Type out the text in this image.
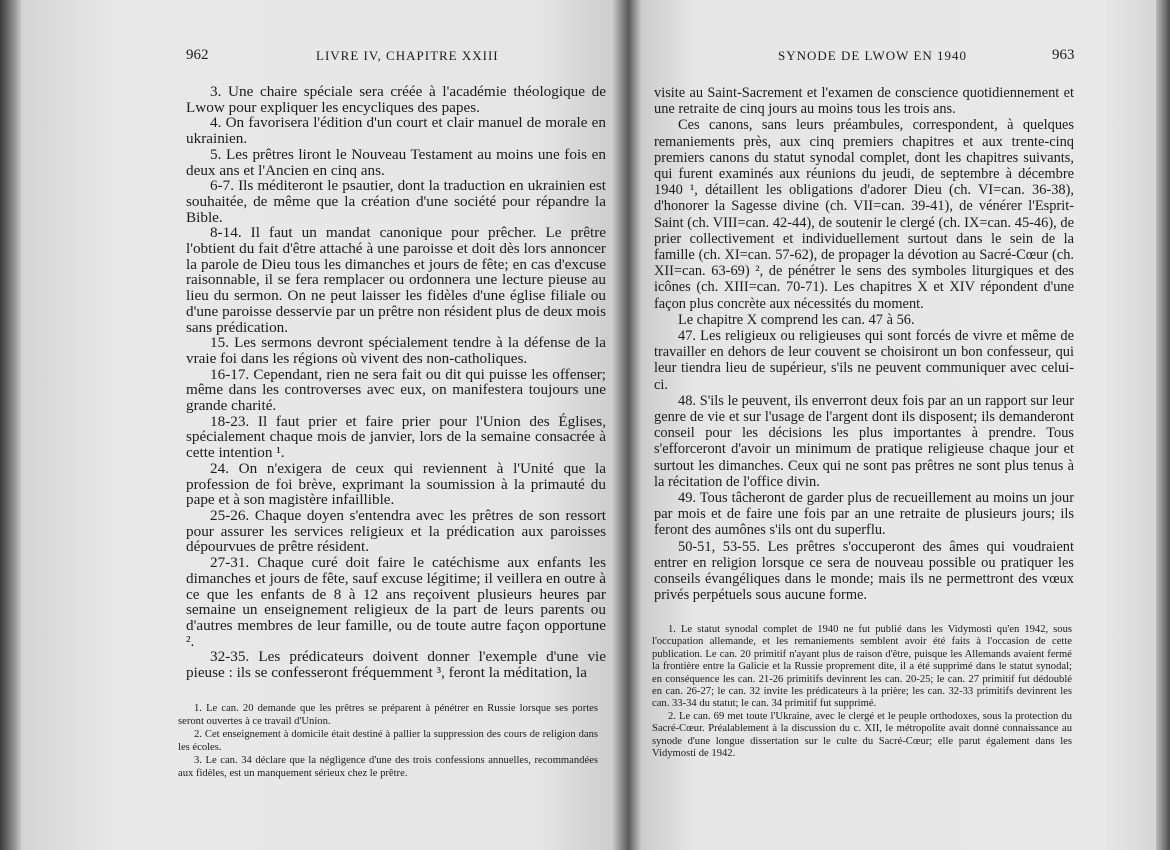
962	LIVRE IV, CHAPITRE XXIII

3. Une chaire spéciale sera créée à l'académie théologique de Lwow pour expliquer les encycliques des papes.

4. On favorisera l'édition d'un court et clair manuel de morale en ukrainien.

5. Les prêtres liront le Nouveau Testament au moins une fois en deux ans et l'Ancien en cinq ans.

6-7. Ils méditeront le psautier, dont la traduction en ukrainien est souhaitée, de même que la création d'une société pour répandre la Bible.

8-14. Il faut un mandat canonique pour prêcher. Le prêtre l'obtient du fait d'être attaché à une paroisse et doit dès lors annoncer la parole de Dieu tous les dimanches et jours de fête; en cas d'excuse raisonnable, il se fera remplacer ou ordonnera une lecture pieuse au lieu du sermon. On ne peut laisser les fidèles d'une église filiale ou d'une paroisse desservie par un prêtre non résident plus de deux mois sans prédication.

15. Les sermons devront spécialement tendre à la défense de la vraie foi dans les régions où vivent des non-catholiques.

16-17. Cependant, rien ne sera fait ou dit qui puisse les offenser; même dans les controverses avec eux, on manifestera toujours une grande charité.

18-23. Il faut prier et faire prier pour l'Union des Églises, spécialement chaque mois de janvier, lors de la semaine consacrée à cette intention ¹.

24. On n'exigera de ceux qui reviennent à l'Unité que la profession de foi brève, exprimant la soumission à la primauté du pape et à son magistère infaillible.

25-26. Chaque doyen s'entendra avec les prêtres de son ressort pour assurer les services religieux et la prédication aux paroisses dépourvues de prêtre résident.

27-31. Chaque curé doit faire le catéchisme aux enfants les dimanches et jours de fête, sauf excuse légitime; il veillera en outre à ce que les enfants de 8 à 12 ans reçoivent plusieurs heures par semaine un enseignement religieux de la part de leurs parents ou d'autres membres de leur famille, ou de toute autre façon opportune ².

32-35. Les prédicateurs doivent donner l'exemple d'une vie pieuse : ils se confesseront fréquemment ³, feront la méditation, la

1. Le can. 20 demande que les prêtres se préparent à pénétrer en Russie lorsque ses portes seront ouvertes à ce travail d'Union.

2. Cet enseignement à domicile était destiné à pallier la suppression des cours de religion dans les écoles.

3. Le can. 34 déclare que la négligence d'une des trois confessions annuelles, recommandées aux fidèles, est un manquement sérieux chez le prêtre.

SYNODE DE LWOW EN 1940	963

visite au Saint-Sacrement et l'examen de conscience quotidiennement et une retraite de cinq jours au moins tous les trois ans.

Ces canons, sans leurs préambules, correspondent, à quelques remaniements près, aux cinq premiers chapitres et aux trente-cinq premiers canons du statut synodal complet, dont les chapitres suivants, qui furent examinés aux réunions du jeudi, de septembre à décembre 1940 ¹, détaillent les obligations d'adorer Dieu (ch. VI=can. 36-38), d'honorer la Sagesse divine (ch. VII=can. 39-41), de vénérer l'Esprit-Saint (ch. VIII=can. 42-44), de soutenir le clergé (ch. IX=can. 45-46), de prier collectivement et individuellement surtout dans le sein de la famille (ch. XI=can. 57-62), de propager la dévotion au Sacré-Cœur (ch. XII=can. 63-69) ², de pénétrer le sens des symboles liturgiques et des icônes (ch. XIII=can. 70-71). Les chapitres X et XIV répondent d'une façon plus concrète aux nécessités du moment.

Le chapitre X comprend les can. 47 à 56.

47. Les religieux ou religieuses qui sont forcés de vivre et même de travailler en dehors de leur couvent se choisiront un bon confesseur, qui leur tiendra lieu de supérieur, s'ils ne peuvent communiquer avec celui-ci.

48. S'ils le peuvent, ils enverront deux fois par an un rapport sur leur genre de vie et sur l'usage de l'argent dont ils disposent; ils demanderont conseil pour les décisions les plus importantes à prendre. Tous s'efforceront d'avoir un minimum de pratique religieuse chaque jour et surtout les dimanches. Ceux qui ne sont pas prêtres ne sont plus tenus à la récitation de l'office divin.

49. Tous tâcheront de garder plus de recueillement au moins un jour par mois et de faire une fois par an une retraite de plusieurs jours; ils feront des aumônes s'ils ont du superflu.

50-51, 53-55. Les prêtres s'occuperont des âmes qui voudraient entrer en religion lorsque ce sera de nouveau possible ou pratiquer les conseils évangéliques dans le monde; mais ils ne permettront des vœux privés perpétuels sous aucune forme.

1. Le statut synodal complet de 1940 ne fut publié dans les Vidymosti qu'en 1942, sous l'occupation allemande, et les remaniements semblent avoir été faits à l'occasion de cette publication. Le can. 20 primitif n'ayant plus de raison d'être, puisque les Allemands avaient fermé la frontière entre la Galicie et la Russie proprement dite, il a été supprimé dans le statut synodal; en conséquence les can. 21-26 primitifs devinrent les can. 20-25; le can. 27 primitif fut dédoublé en can. 26-27; le can. 32 invite les prédicateurs à la prière; les can. 32-33 primitifs devinrent les can. 33-34 du statut; le can. 34 primitif fut supprimé.

2. Le can. 69 met toute l'Ukraine, avec le clergé et le peuple orthodoxes, sous la protection du Sacré-Cœur. Préalablement à la discussion du c. XII, le métropolite avait donné connaissance au synode d'une longue dissertation sur le culte du Sacré-Cœur; elle parut également dans les Vidymosti de 1942.
